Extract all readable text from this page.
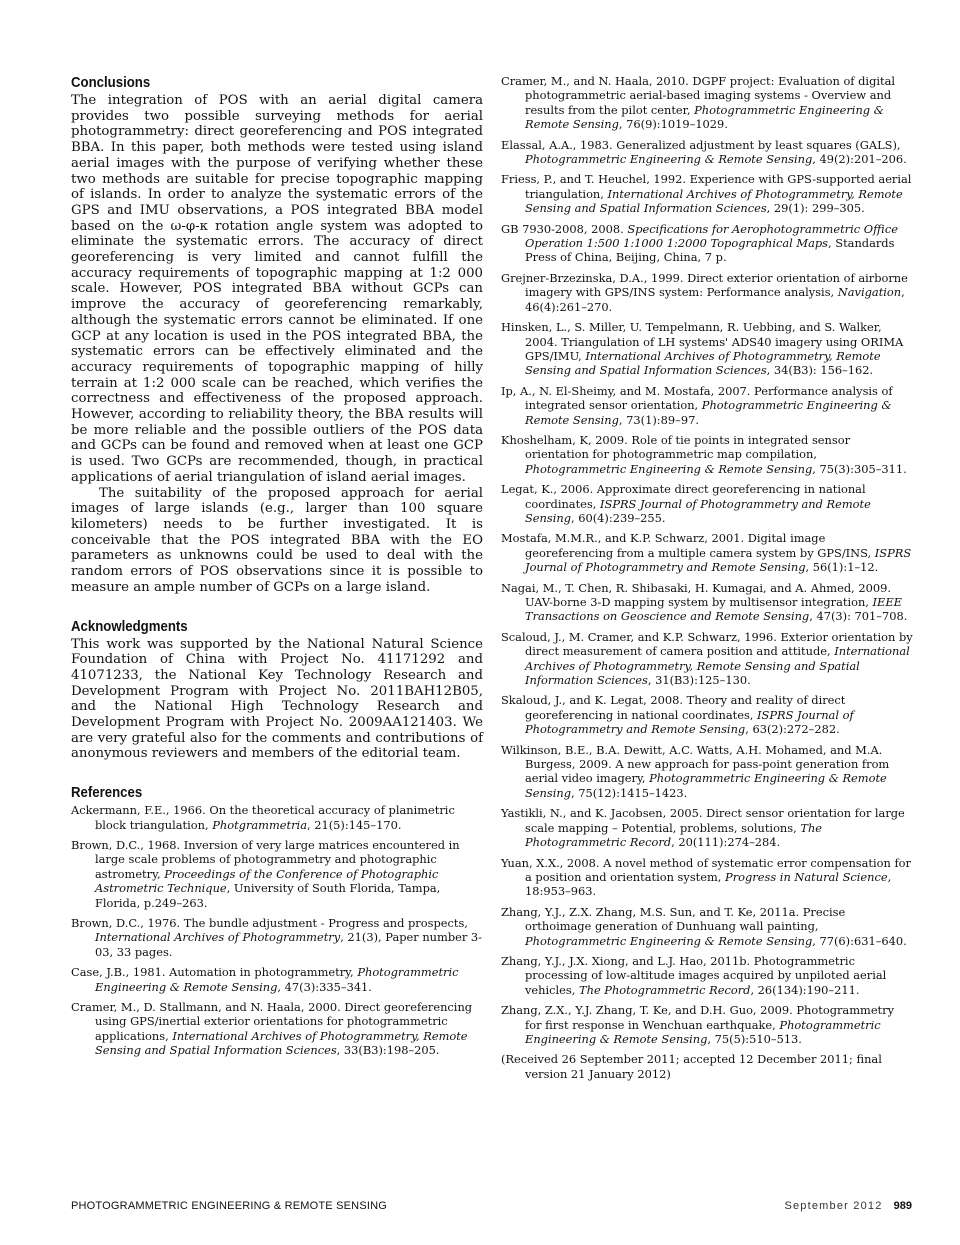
Conclusions

The integration of POS with an aerial digital camera provides two possible surveying methods for aerial photogrammetry: direct georeferencing and POS integrated BBA. In this paper, both methods were tested using island aerial images with the purpose of verifying whether these two methods are suitable for precise topographic mapping of islands. In order to analyze the systematic errors of the GPS and IMU observations, a POS integrated BBA model based on the ω-φ-κ rotation angle system was adopted to eliminate the systematic errors. The accuracy of direct georeferencing is very limited and cannot fulfill the accuracy requirements of topographic mapping at 1:2 000 scale. However, POS integrated BBA without GCPs can improve the accuracy of georeferencing remarkably, although the systematic errors cannot be eliminated. If one GCP at any location is used in the POS integrated BBA, the systematic errors can be effectively eliminated and the accuracy requirements of topographic mapping of hilly terrain at 1:2 000 scale can be reached, which verifies the correctness and effectiveness of the proposed approach. However, according to reliability theory, the BBA results will be more reliable and the possible outliers of the POS data and GCPs can be found and removed when at least one GCP is used. Two GCPs are recommended, though, in practical applications of aerial triangulation of island aerial images.

The suitability of the proposed approach for aerial images of large islands (e.g., larger than 100 square kilometers) needs to be further investigated. It is conceivable that the POS integrated BBA with the EO parameters as unknowns could be used to deal with the random errors of POS observations since it is possible to measure an ample number of GCPs on a large island.

Acknowledgments

This work was supported by the National Natural Science Foundation of China with Project No. 41171292 and 41071233, the National Key Technology Research and Development Program with Project No. 2011BAH12B05, and the National High Technology Research and Development Program with Project No. 2009AA121403. We are very grateful also for the comments and contributions of anonymous reviewers and members of the editorial team.

References

Ackermann, F.E., 1966. On the theoretical accuracy of planimetric block triangulation, Photgrammetria, 21(5):145–170.

Brown, D.C., 1968. Inversion of very large matrices encountered in large scale problems of photogrammetry and photographic astrometry, Proceedings of the Conference of Photographic Astrometric Technique, University of South Florida, Tampa, Florida, p.249–263.

Brown, D.C., 1976. The bundle adjustment - Progress and prospects, International Archives of Photogrammetry, 21(3), Paper number 3-03, 33 pages.

Case, J.B., 1981. Automation in photogrammetry, Photogrammetric Engineering & Remote Sensing, 47(3):335–341.

Cramer, M., D. Stallmann, and N. Haala, 2000. Direct georeferencing using GPS/inertial exterior orientations for photogrammetric applications, International Archives of Photogrammetry, Remote Sensing and Spatial Information Sciences, 33(B3):198–205.

Cramer, M., and N. Haala, 2010. DGPF project: Evaluation of digital photogrammetric aerial-based imaging systems - Overview and results from the pilot center, Photogrammetric Engineering & Remote Sensing, 76(9):1019–1029.

Elassal, A.A., 1983. Generalized adjustment by least squares (GALS), Photogrammetric Engineering & Remote Sensing, 49(2):201–206.

Friess, P., and T. Heuchel, 1992. Experience with GPS-supported aerial triangulation, International Archives of Photogrammetry, Remote Sensing and Spatial Information Sciences, 29(1): 299–305.

GB 7930-2008, 2008. Specifications for Aerophotogrammetric Office Operation 1:500 1:1000 1:2000 Topographical Maps, Standards Press of China, Beijing, China, 7 p.

Grejner-Brzezinska, D.A., 1999. Direct exterior orientation of airborne imagery with GPS/INS system: Performance analysis, Navigation, 46(4):261–270.

Hinsken, L., S. Miller, U. Tempelmann, R. Uebbing, and S. Walker, 2004. Triangulation of LH systems' ADS40 imagery using ORIMA GPS/IMU, International Archives of Photogrammetry, Remote Sensing and Spatial Information Sciences, 34(B3): 156–162.

Ip, A., N. El-Sheimy, and M. Mostafa, 2007. Performance analysis of integrated sensor orientation, Photogrammetric Engineering & Remote Sensing, 73(1):89–97.

Khoshelham, K, 2009. Role of tie points in integrated sensor orientation for photogrammetric map compilation, Photogrammetric Engineering & Remote Sensing, 75(3):305–311.

Legat, K., 2006. Approximate direct georeferencing in national coordinates, ISPRS Journal of Photogrammetry and Remote Sensing, 60(4):239–255.

Mostafa, M.M.R., and K.P. Schwarz, 2001. Digital image georeferencing from a multiple camera system by GPS/INS, ISPRS Journal of Photogrammetry and Remote Sensing, 56(1):1–12.

Nagai, M., T. Chen, R. Shibasaki, H. Kumagai, and A. Ahmed, 2009. UAV-borne 3-D mapping system by multisensor integration, IEEE Transactions on Geoscience and Remote Sensing, 47(3): 701–708.

Scaloud, J., M. Cramer, and K.P. Schwarz, 1996. Exterior orientation by direct measurement of camera position and attitude, International Archives of Photogrammetry, Remote Sensing and Spatial Information Sciences, 31(B3):125–130.

Skaloud, J., and K. Legat, 2008. Theory and reality of direct georeferencing in national coordinates, ISPRS Journal of Photogrammetry and Remote Sensing, 63(2):272–282.

Wilkinson, B.E., B.A. Dewitt, A.C. Watts, A.H. Mohamed, and M.A. Burgess, 2009. A new approach for pass-point generation from aerial video imagery, Photogrammetric Engineering & Remote Sensing, 75(12):1415–1423.

Yastikli, N., and K. Jacobsen, 2005. Direct sensor orientation for large scale mapping – Potential, problems, solutions, The Photogrammetric Record, 20(111):274–284.

Yuan, X.X., 2008. A novel method of systematic error compensation for a position and orientation system, Progress in Natural Science, 18:953–963.

Zhang, Y.J., Z.X. Zhang, M.S. Sun, and T. Ke, 2011a. Precise orthoimage generation of Dunhuang wall painting, Photogrammetric Engineering & Remote Sensing, 77(6):631–640.

Zhang, Y.J., J.X. Xiong, and L.J. Hao, 2011b. Photogrammetric processing of low-altitude images acquired by unpiloted aerial vehicles, The Photogrammetric Record, 26(134):190–211.

Zhang, Z.X., Y.J. Zhang, T. Ke, and D.H. Guo, 2009. Photogrammetry for first response in Wenchuan earthquake, Photogrammetric Engineering & Remote Sensing, 75(5):510–513.

(Received 26 September 2011; accepted 12 December 2011; final version 21 January 2012)

PHOTOGRAMMETRIC ENGINEERING & REMOTE SENSING	September 2012 989
